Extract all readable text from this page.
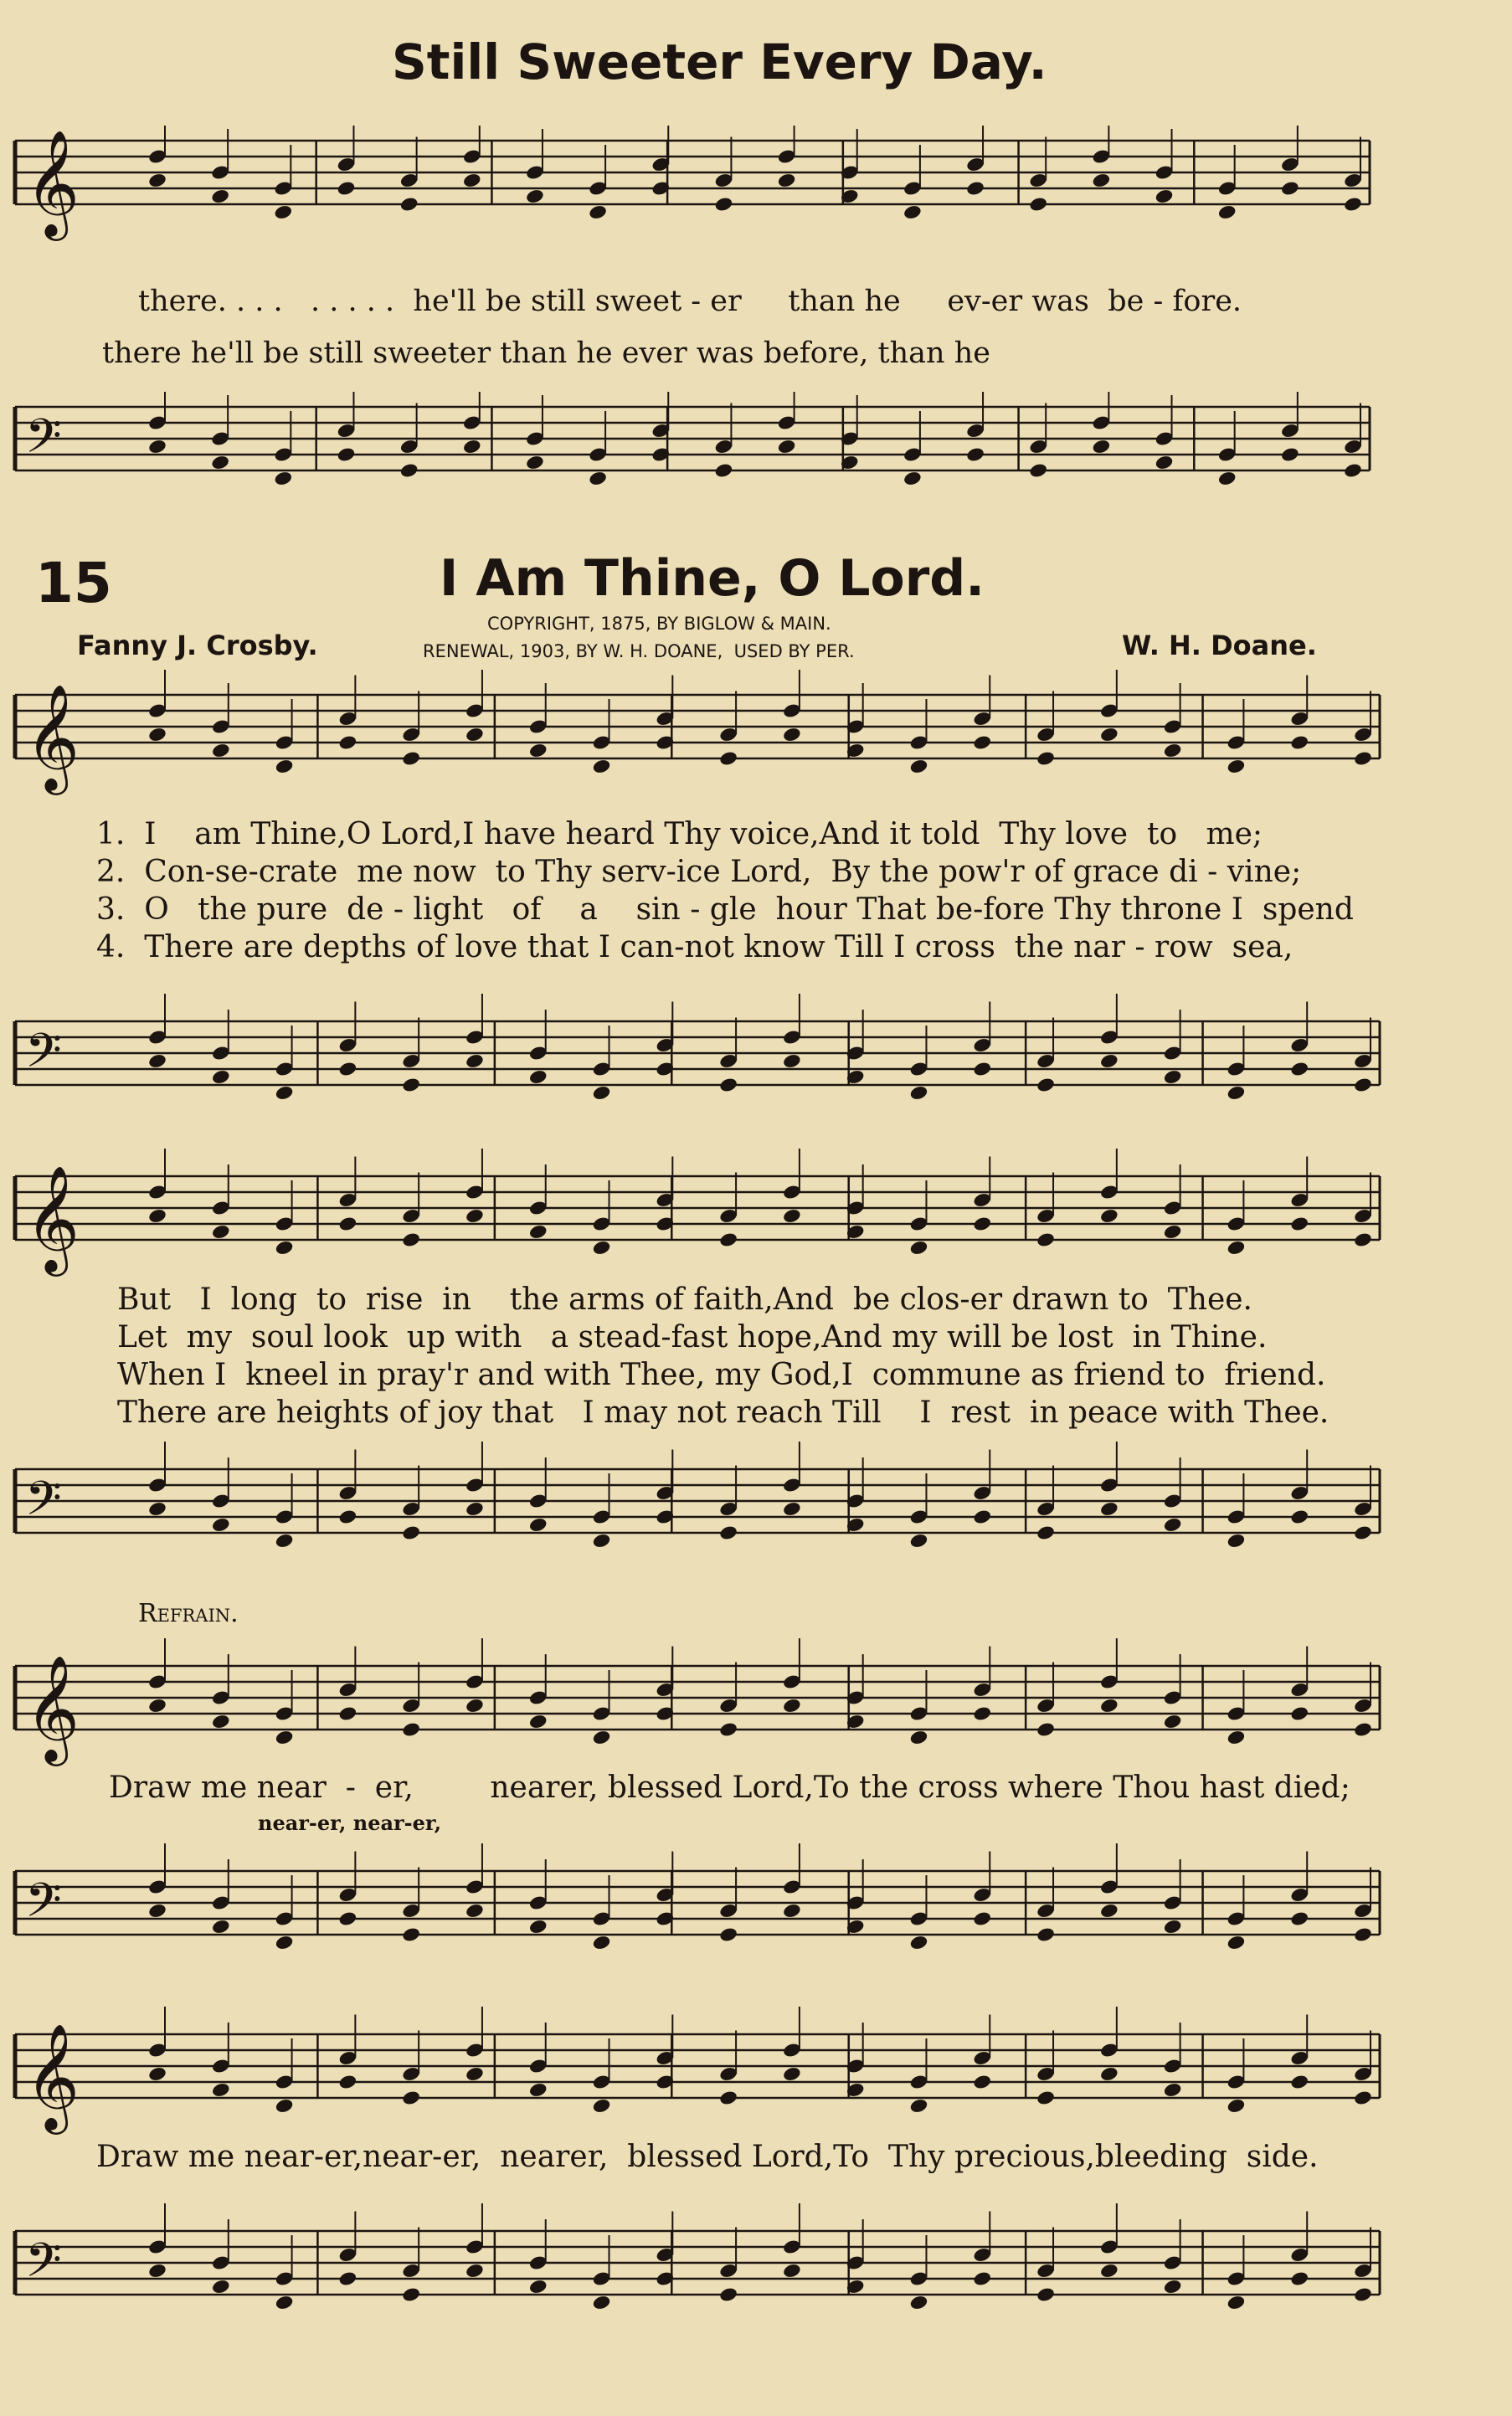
Still Sweeter Every Day.
𝄞
there. . . .   . . . . .  he'll be still sweet - er     than he     ev-er was  be - fore.
there he'll be still sweeter than he ever was before, than he
𝄢
15	I Am Thine, O Lord.
Fanny J. Crosby.
COPYRIGHT, 1875, BY BIGLOW & MAIN.
RENEWAL, 1903, BY W. H. DOANE,  USED BY PER.	W. H. Doane.
𝄞
1.  I    am Thine,O Lord,I have heard Thy voice,And it told  Thy love  to   me;
2.  Con-se-crate  me now  to Thy serv-ice Lord,  By the pow'r of grace di - vine;
3.  O   the pure  de - light   of    a    sin - gle  hour That be-fore Thy throne I  spend
4.  There are depths of love that I can-not know Till I cross  the nar - row  sea,
𝄢
𝄞
But   I  long  to  rise  in    the arms of faith,And  be clos-er drawn to  Thee.
Let  my  soul look  up with   a stead-fast hope,And my will be lost  in Thine.
When I  kneel in pray'r and with Thee, my God,I  commune as friend to  friend.
There are heights of joy that   I may not reach Till    I  rest  in peace with Thee.
𝄢
Refrain.
𝄞
Draw me near  -  er,        nearer, blessed Lord,To the cross where Thou hast died;
near-er, near-er,
𝄢
𝄞
Draw me near-er,near-er,  nearer,  blessed Lord,To  Thy precious,bleeding  side.
𝄢
